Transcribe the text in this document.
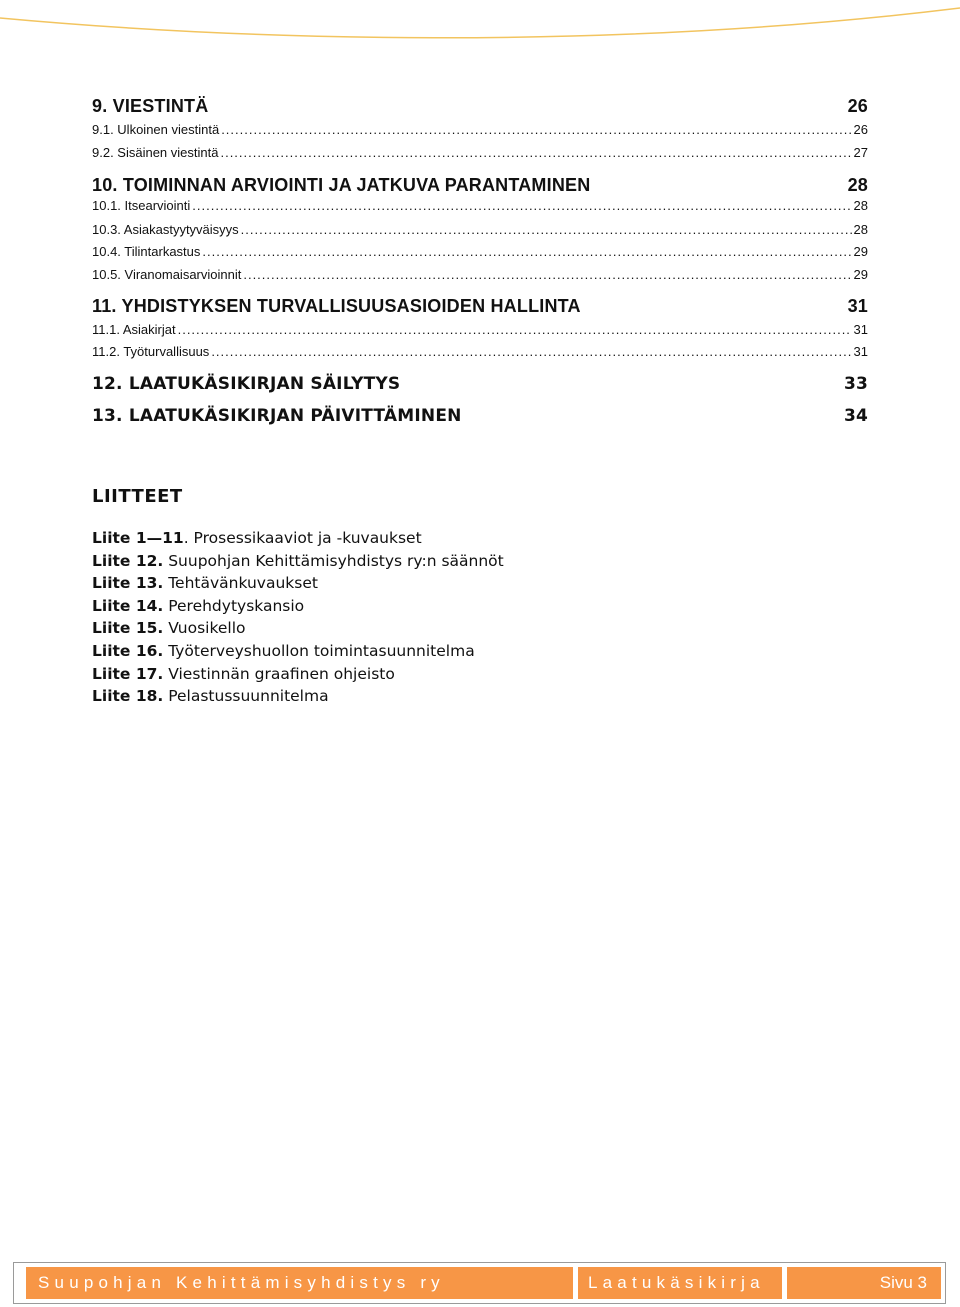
9. VIESTINTÄ	26
9.1. Ulkoinen viestintä .....	26
9.2. Sisäinen viestintä .....	27
10. TOIMINNAN ARVIOINTI JA JATKUVA PARANTAMINEN	28
10.1. Itsearviointi .....	28
10.3. Asiakastyytyväisyys .....	28
10.4. Tilintarkastus .....	29
10.5. Viranomaisarvioinnit .....	29
11. YHDISTYKSEN TURVALLISUUSASIOIDEN HALLINTA	31
11.1. Asiakirjat .....	31
11.2. Työturvallisuus .....	31
12. LAATUKÄSIKIRJAN SÄILYTYS	33
13. LAATUKÄSIKIRJAN PÄIVITTÄMINEN	34
LIITTEET
Liite 1—11. Prosessikaaviot ja -kuvaukset
Liite 12. Suupohjan Kehittämisyhdistys ry:n säännöt
Liite 13. Tehtävänkuvaukset
Liite 14. Perehdytyskansio
Liite 15. Vuosikello
Liite 16. Työterveyshuollon toimintasuunnitelma
Liite 17. Viestinnän graafinen ohjeisto
Liite 18. Pelastussuunnitelma
Suupohjan Kehittämisyhdistys ry	Laatukäsikirja	Sivu 3
